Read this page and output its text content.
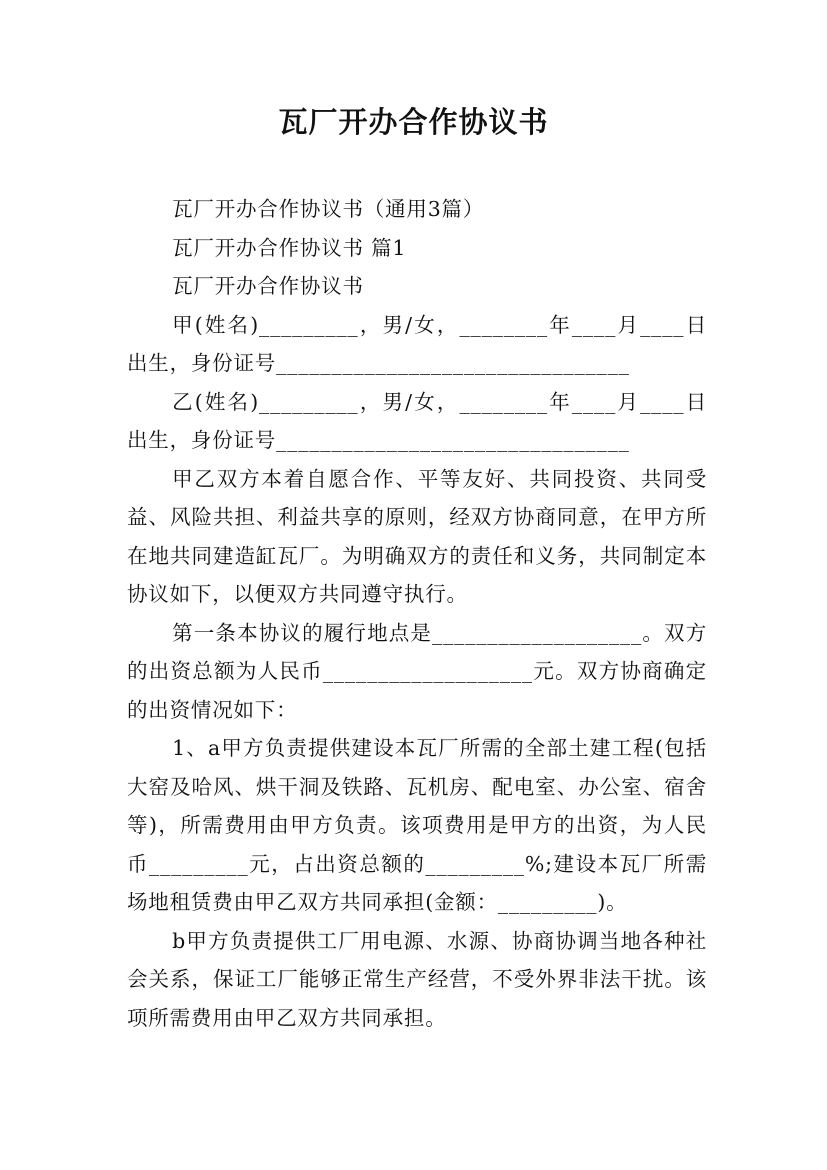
瓦厂开办合作协议书

瓦厂开办合作协议书（通用3篇）

瓦厂开办合作协议书 篇1

瓦厂开办合作协议书

甲(姓名)_________，男/女，________年____月____日出生，身份证号________________________________

乙(姓名)_________，男/女，________年____月____日出生，身份证号________________________________

甲乙双方本着自愿合作、平等友好、共同投资、共同受益、风险共担、利益共享的原则，经双方协商同意，在甲方所在地共同建造缸瓦厂。为明确双方的责任和义务，共同制定本协议如下，以便双方共同遵守执行。

第一条本协议的履行地点是___________________。双方的出资总额为人民币___________________元。双方协商确定的出资情况如下：

1、a甲方负责提供建设本瓦厂所需的全部土建工程(包括大窑及哈风、烘干洞及铁路、瓦机房、配电室、办公室、宿舍等)，所需费用由甲方负责。该项费用是甲方的出资，为人民币_________元，占出资总额的_________%;建设本瓦厂所需场地租赁费由甲乙双方共同承担(金额：_________)。

b甲方负责提供工厂用电源、水源、协商协调当地各种社会关系，保证工厂能够正常生产经营，不受外界非法干扰。该项所需费用由甲乙双方共同承担。
